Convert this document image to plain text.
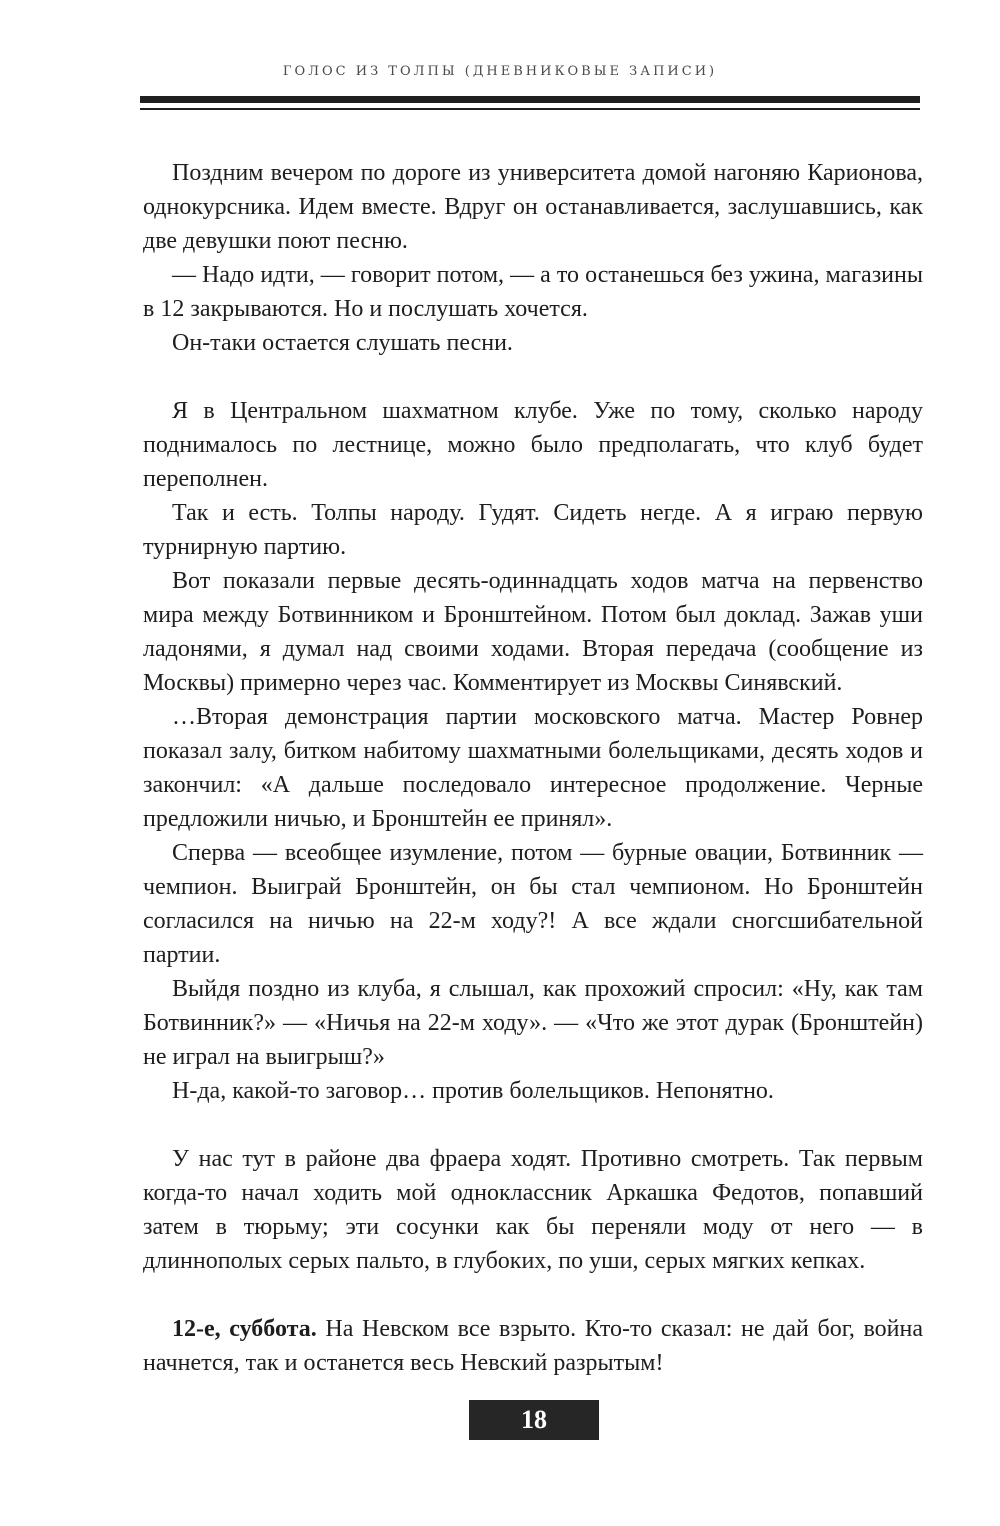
ГОЛОС ИЗ ТОЛПЫ (ДНЕВНИКОВЫЕ ЗАПИСИ)

Поздним вечером по дороге из университета домой нагоняю Карионова, однокурсника. Идем вместе. Вдруг он останавливается, заслушавшись, как две девушки поют песню.

— Надо идти, — говорит потом, — а то останешься без ужина, магазины в 12 закрываются. Но и послушать хочется.

Он-таки остается слушать песни.

Я в Центральном шахматном клубе. Уже по тому, сколько народу поднималось по лестнице, можно было предполагать, что клуб будет переполнен.

Так и есть. Толпы народу. Гудят. Сидеть негде. А я играю первую турнирную партию.

Вот показали первые десять-одиннадцать ходов матча на первенство мира между Ботвинником и Бронштейном. Потом был доклад. Зажав уши ладонями, я думал над своими ходами. Вторая передача (сообщение из Москвы) примерно через час. Комментирует из Москвы Синявский.

…Вторая демонстрация партии московского матча. Мастер Ровнер показал залу, битком набитому шахматными болельщиками, десять ходов и закончил: «А дальше последовало интересное продолжение. Черные предложили ничью, и Бронштейн ее принял».

Сперва — всеобщее изумление, потом — бурные овации, Ботвинник — чемпион. Выиграй Бронштейн, он бы стал чемпионом. Но Бронштейн согласился на ничью на 22-м ходу?! А все ждали сногсшибательной партии.

Выйдя поздно из клуба, я слышал, как прохожий спросил: «Ну, как там Ботвинник?» — «Ничья на 22-м ходу». — «Что же этот дурак (Бронштейн) не играл на выигрыш?»

Н-да, какой-то заговор… против болельщиков. Непонятно.

У нас тут в районе два фраера ходят. Противно смотреть. Так первым когда-то начал ходить мой одноклассник Аркашка Федотов, попавший затем в тюрьму; эти сосунки как бы переняли моду от него — в длиннополых серых пальто, в глубоких, по уши, серых мягких кепках.

12-е, суббота. На Невском все взрыто. Кто-то сказал: не дай бог, война начнется, так и останется весь Невский разрытым!

18
